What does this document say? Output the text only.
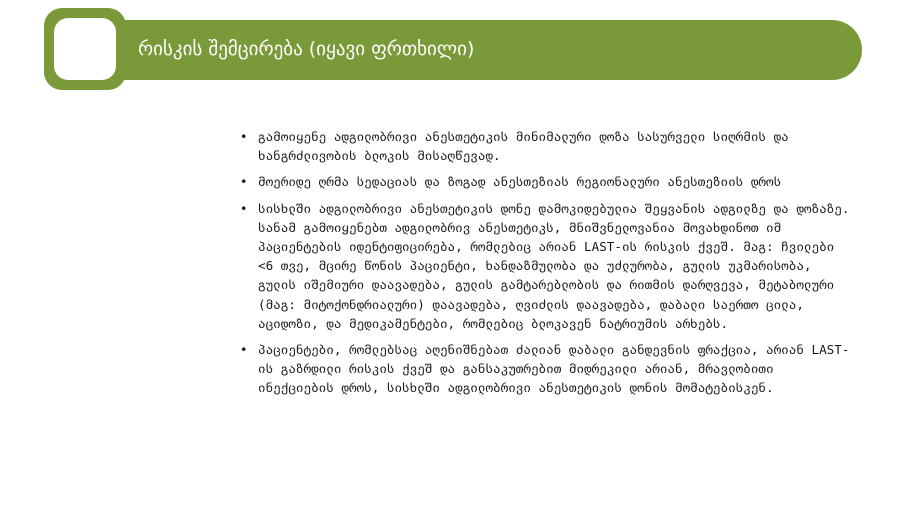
რისკის შემცირება (იყავი ფრთხილი)
• გამოიყენე ადგილობრივი ანესთეტიკის მინიმალური დოზა სასურველი სიღრმის და ხანგრძლივობის ბლოკის მისაღწევად.
• მოერიდე ღრმა სედაციას და ზოგად ანესთეზიას რეგიონალური ანესთეზიის დროს
• სისხლში ადგილობრივი ანესთეტიკის დონე დამოკიდებულია შეყვანის ადგილზე და დოზაზე. სანამ გამოიყენებთ ადგილობრივ ანესთეტიკს, მნიშვნელოვანია მოვახდინოთ იმ პაციენტების იდენტიფიცირება, რომლებიც არიან LAST-ის რისკის ქვეშ. მაგ: ჩვილები <6 თვე, მცირე წონის პაციენტი, ხანდაზმულობა და უძლურობა, გულის უკმარისობა, გულის იშემიური დაავადება, გულის გამტარებლობის და რითმის დარღვევა, მეტაბოლური (მაგ: მიტოქონდრიალური) დაავადება, ღვიძლის დაავადება, დაბალი საერთო ცილა, აციდოზი, და მედიკამენტები, რომლებიც ბლოკავენ ნატრიუმის არხებს.
• პაციენტები, რომლებსაც აღენიშნებათ ძალიან დაბალი განდევნის ფრაქცია, არიან LAST-ის გაზრდილი რისკის ქვეშ და განსაკუთრებით მიდრეკილი არიან, მრავლობითი ინექციების დროს, სისხლში ადგილობრივი ანესთეტიკის დონის მომატებისკენ.
